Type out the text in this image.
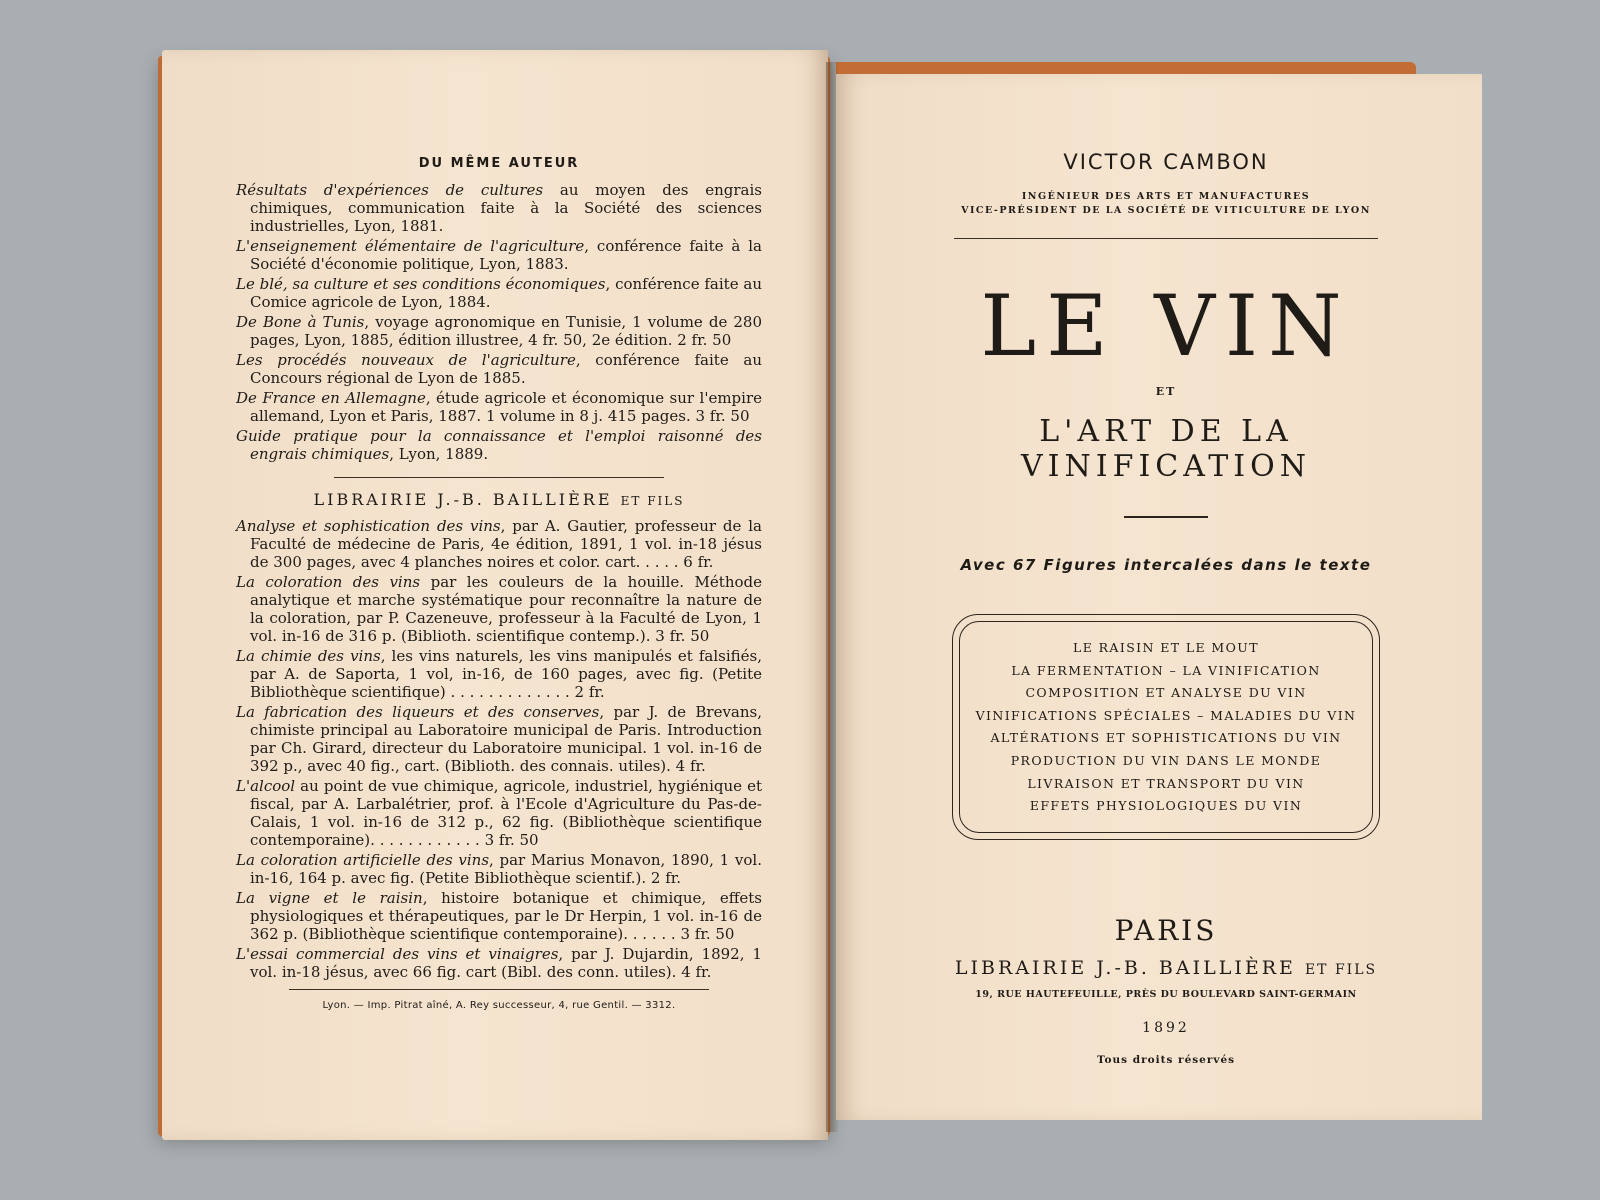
DU MÊME AUTEUR
Résultats d'expériences de cultures au moyen des engrais chimiques, communication faite à la Société des sciences industrielles, Lyon, 1881.
L'enseignement élémentaire de l'agriculture, conférence faite à la Société d'économie politique, Lyon, 1883.
Le blé, sa culture et ses conditions économiques, conférence faite au Comice agricole de Lyon, 1884.
De Bone à Tunis, voyage agronomique en Tunisie, 1 volume de 280 pages, Lyon, 1885, édition illustree, 4 fr. 50, 2e édition. 2 fr. 50
Les procédés nouveaux de l'agriculture, conférence faite au Concours régional de Lyon de 1885.
De France en Allemagne, étude agricole et économique sur l'empire allemand, Lyon et Paris, 1887. 1 volume in 8 j. 415 pages. 3 fr. 50
Guide pratique pour la connaissance et l'emploi raisonné des engrais chimiques, Lyon, 1889.
LIBRAIRIE J.-B. BAILLIÈRE ET FILS
Analyse et sophistication des vins, par A. Gautier, professeur de la Faculté de médecine de Paris, 4e édition, 1891, 1 vol. in-18 jésus de 300 pages, avec 4 planches noires et color. cart. . . . . 6 fr.
La coloration des vins par les couleurs de la houille. Méthode analytique et marche systématique pour reconnaître la nature de la coloration, par P. Cazeneuve, professeur à la Faculté de Lyon, 1 vol. in-16 de 316 p. (Biblioth. scientifique contemp.). 3 fr. 50
La chimie des vins, les vins naturels, les vins manipulés et falsifiés, par A. de Saporta, 1 vol, in-16, de 160 pages, avec fig. (Petite Bibliothèque scientifique) . . . . . . . . . . . . . 2 fr.
La fabrication des liqueurs et des conserves, par J. de Brevans, chimiste principal au Laboratoire municipal de Paris. Introduction par Ch. Girard, directeur du Laboratoire municipal. 1 vol. in-16 de 392 p., avec 40 fig., cart. (Biblioth. des connais. utiles). 4 fr.
L'alcool au point de vue chimique, agricole, industriel, hygiénique et fiscal, par A. Larbalétrier, prof. à l'Ecole d'Agriculture du Pas-de-Calais, 1 vol. in-16 de 312 p., 62 fig. (Bibliothèque scientifique contemporaine). . . . . . . . . . . . 3 fr. 50
La coloration artificielle des vins, par Marius Monavon, 1890, 1 vol. in-16, 164 p. avec fig. (Petite Bibliothèque scientif.). 2 fr.
La vigne et le raisin, histoire botanique et chimique, effets physiologiques et thérapeutiques, par le Dr Herpin, 1 vol. in-16 de 362 p. (Bibliothèque scientifique contemporaine). . . . . . 3 fr. 50
L'essai commercial des vins et vinaigres, par J. Dujardin, 1892, 1 vol. in-18 jésus, avec 66 fig. cart (Bibl. des conn. utiles). 4 fr.
Lyon. — Imp. Pitrat aîné, A. Rey successeur, 4, rue Gentil. — 3312.
VICTOR CAMBON
INGÉNIEUR DES ARTS ET MANUFACTURES
VICE-PRÉSIDENT DE LA SOCIÉTÉ DE VITICULTURE DE LYON
LE VIN
ET
L'ART DE LA VINIFICATION
Avec 67 Figures intercalées dans le texte
LE RAISIN ET LE MOUT
LA FERMENTATION – LA VINIFICATION
COMPOSITION ET ANALYSE DU VIN
VINIFICATIONS SPÉCIALES – MALADIES DU VIN
ALTÉRATIONS ET SOPHISTICATIONS DU VIN
PRODUCTION DU VIN DANS LE MONDE
LIVRAISON ET TRANSPORT DU VIN
EFFETS PHYSIOLOGIQUES DU VIN
PARIS
LIBRAIRIE J.-B. BAILLIÈRE ET FILS
19, RUE HAUTEFEUILLE, PRÈS DU BOULEVARD SAINT-GERMAIN
1892
Tous droits réservés
